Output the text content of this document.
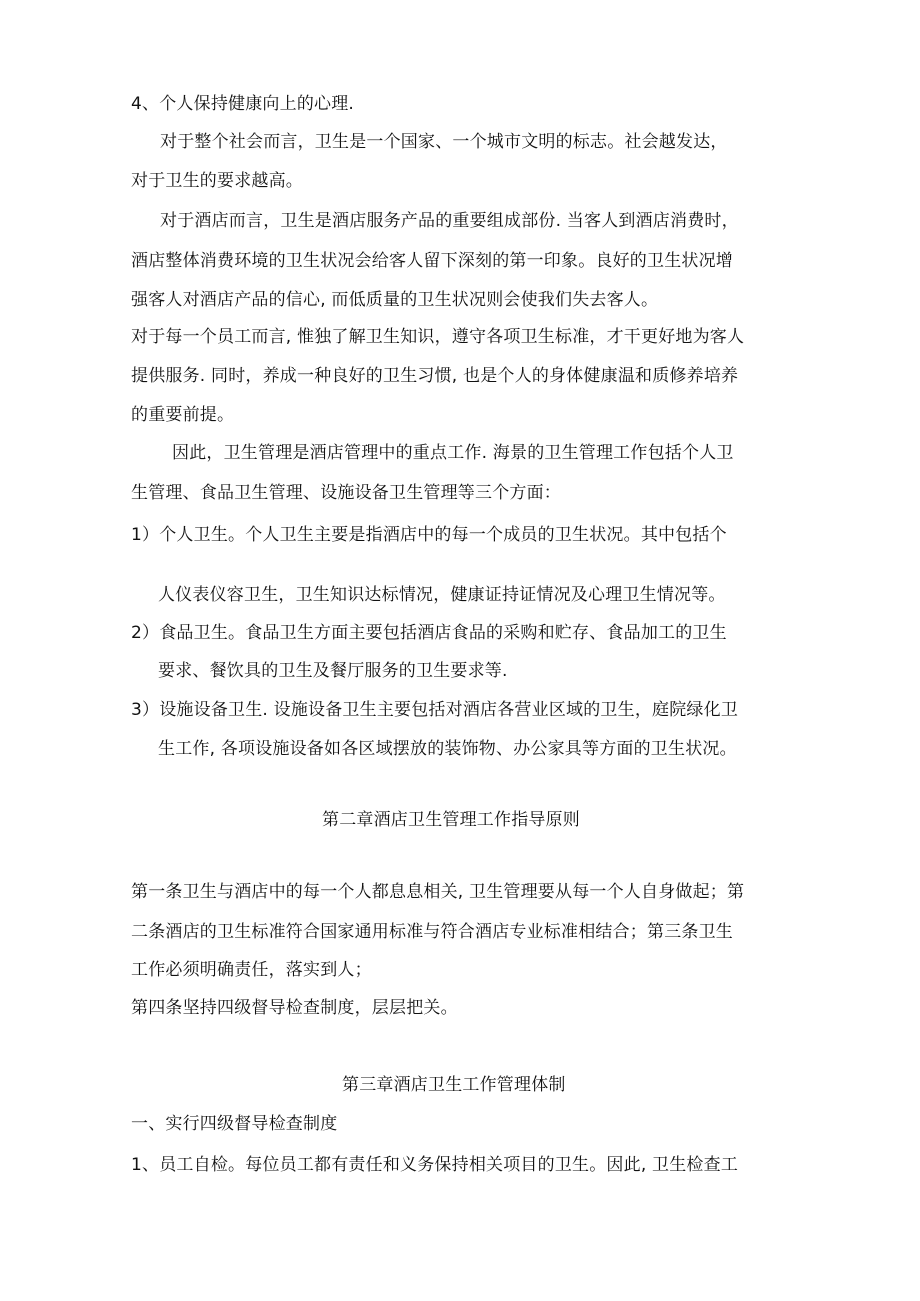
4、个人保持健康向上的心理.
对于整个社会而言，卫生是一个国家、一个城市文明的标志。社会越发达，
对于卫生的要求越高。
对于酒店而言，卫生是酒店服务产品的重要组成部份. 当客人到酒店消费时，
酒店整体消费环境的卫生状况会给客人留下深刻的第一印象。良好的卫生状况增
强客人对酒店产品的信心, 而低质量的卫生状况则会使我们失去客人。
对于每一个员工而言, 惟独了解卫生知识，遵守各项卫生标准，才干更好地为客人
提供服务. 同时，养成一种良好的卫生习惯, 也是个人的身体健康温和质修养培养
的重要前提。
因此，卫生管理是酒店管理中的重点工作. 海景的卫生管理工作包括个人卫
生管理、食品卫生管理、设施设备卫生管理等三个方面：
1）个人卫生。个人卫生主要是指酒店中的每一个成员的卫生状况。其中包括个
人仪表仪容卫生，卫生知识达标情况，健康证持证情况及心理卫生情况等。
2）食品卫生。食品卫生方面主要包括酒店食品的采购和贮存、食品加工的卫生
要求、餐饮具的卫生及餐厅服务的卫生要求等.
3）设施设备卫生. 设施设备卫生主要包括对酒店各营业区域的卫生，庭院绿化卫
生工作, 各项设施设备如各区域摆放的装饰物、办公家具等方面的卫生状况。
第二章酒店卫生管理工作指导原则
第一条卫生与酒店中的每一个人都息息相关, 卫生管理要从每一个人自身做起；第
二条酒店的卫生标准符合国家通用标准与符合酒店专业标准相结合；第三条卫生
工作必须明确责任，落实到人；
第四条坚持四级督导检查制度，层层把关。
第三章酒店卫生工作管理体制
一、实行四级督导检查制度
1、员工自检。每位员工都有责任和义务保持相关项目的卫生。因此, 卫生检查工
